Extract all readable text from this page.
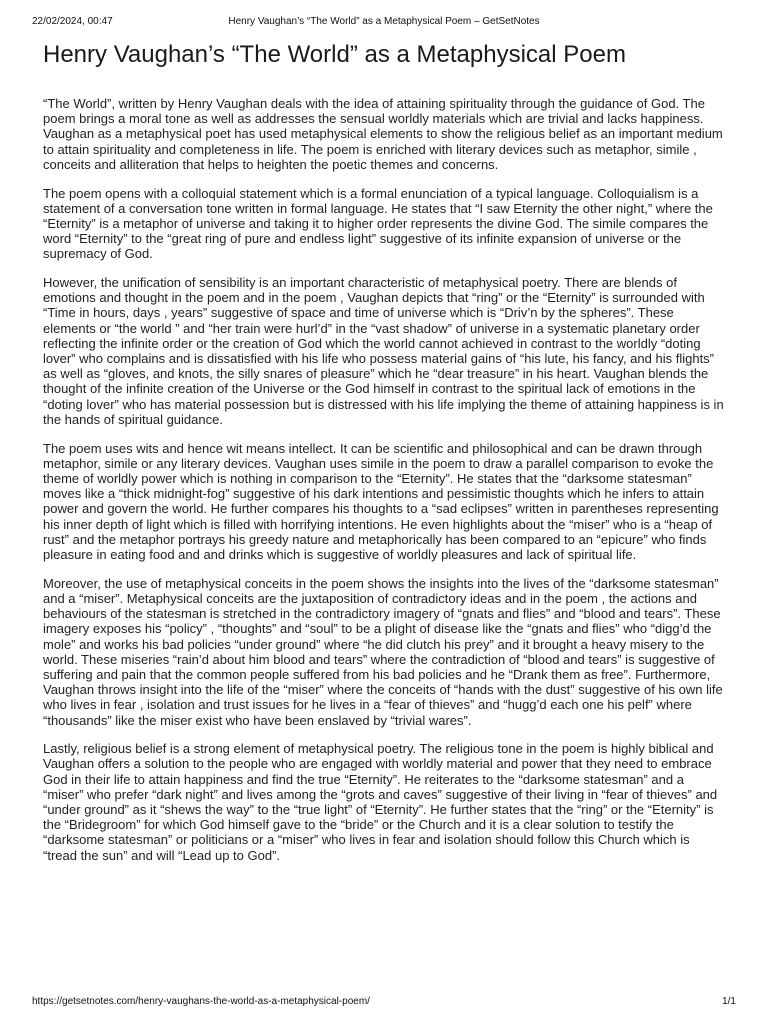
22/02/2024, 00:47	Henry Vaughan’s “The World” as a Metaphysical Poem – GetSetNotes
Henry Vaughan’s “The World” as a Metaphysical Poem

“The World”, written by Henry Vaughan deals with the idea of attaining spirituality through the guidance of God. The poem brings a moral tone as well as addresses the sensual worldly materials which are trivial and lacks happiness. Vaughan as a metaphysical poet has used metaphysical elements to show the religious belief as an important medium to attain spirituality and completeness in life. The poem is enriched with literary devices such as metaphor, simile , conceits and alliteration that helps to heighten the poetic themes and concerns.

The poem opens with a colloquial statement which is a formal enunciation of a typical language. Colloquialism is a statement of a conversation tone written in formal language. He states that “I saw Eternity the other night,” where the “Eternity” is a metaphor of universe and taking it to higher order represents the divine God. The simile compares the word “Eternity” to the “great ring of pure and endless light” suggestive of its infinite expansion of universe or the supremacy of God.

However, the unification of sensibility is an important characteristic of metaphysical poetry. There are blends of emotions and thought in the poem and in the poem , Vaughan depicts that “ring” or the “Eternity” is surrounded with “Time in hours, days , years” suggestive of space and time of universe which is “Driv’n by the spheres”. These elements or “the world ” and “her train were hurl’d” in the “vast shadow” of universe in a systematic planetary order reflecting the infinite order or the creation of God which the world cannot achieved in contrast to the worldly “doting lover” who complains and is dissatisfied with his life who possess material gains of “his lute, his fancy, and his flights” as well as “gloves, and knots, the silly snares of pleasure” which he “dear treasure” in his heart. Vaughan blends the thought of the infinite creation of the Universe or the God himself in contrast to the spiritual lack of emotions in the “doting lover” who has material possession but is distressed with his life implying the theme of attaining happiness is in the hands of spiritual guidance.

The poem uses wits and hence wit means intellect. It can be scientific and philosophical and can be drawn through metaphor, simile or any literary devices. Vaughan uses simile in the poem to draw a parallel comparison to evoke the theme of worldly power which is nothing in comparison to the “Eternity”. He states that the “darksome statesman” moves like a “thick midnight-fog” suggestive of his dark intentions and pessimistic thoughts which he infers to attain power and govern the world. He further compares his thoughts to a “sad eclipses” written in parentheses representing his inner depth of light which is filled with horrifying intentions. He even highlights about the “miser” who is a “heap of rust” and the metaphor portrays his greedy nature and metaphorically has been compared to an “epicure” who finds pleasure in eating food and and drinks which is suggestive of worldly pleasures and lack of spiritual life.

Moreover, the use of metaphysical conceits in the poem shows the insights into the lives of the “darksome statesman” and a “miser”. Metaphysical conceits are the juxtaposition of contradictory ideas and in the poem , the actions and behaviours of the statesman is stretched in the contradictory imagery of “gnats and flies” and “blood and tears”. These imagery exposes his “policy” , “thoughts” and “soul” to be a plight of disease like the “gnats and flies” who “digg’d the mole” and works his bad policies “under ground” where “he did clutch his prey” and it brought a heavy misery to the world. These miseries “rain’d about him blood and tears” where the contradiction of “blood and tears” is suggestive of suffering and pain that the common people suffered from his bad policies and he “Drank them as free”. Furthermore, Vaughan throws insight into the life of the “miser” where the conceits of “hands with the dust” suggestive of his own life who lives in fear , isolation and trust issues for he lives in a “fear of thieves” and “hugg’d each one his pelf” where “thousands” like the miser exist who have been enslaved by “trivial wares”.

Lastly, religious belief is a strong element of metaphysical poetry. The religious tone in the poem is highly biblical and Vaughan offers a solution to the people who are engaged with worldly material and power that they need to embrace God in their life to attain happiness and find the true “Eternity”. He reiterates to the “darksome statesman” and a “miser” who prefer “dark night” and lives among the “grots and caves” suggestive of their living in “fear of thieves” and “under ground” as it “shews the way” to the “true light” of “Eternity”. He further states that the “ring” or the “Eternity” is the “Bridegroom” for which God himself gave to the “bride” or the Church and it is a clear solution to testify the “darksome statesman” or politicians or a “miser” who lives in fear and isolation should follow this Church which is “tread the sun” and will “Lead up to God”.

https://getsetnotes.com/henry-vaughans-the-world-as-a-metaphysical-poem/	1/1
